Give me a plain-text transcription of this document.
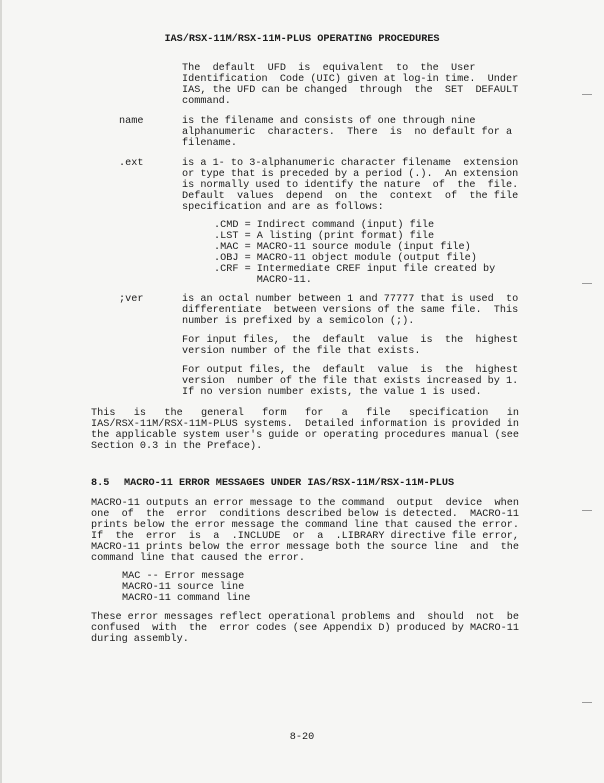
IAS/RSX-11M/RSX-11M-PLUS OPERATING PROCEDURES
The  default  UFD  is  equivalent  to  the  User
Identification  Code (UIC) given at log-in time.  Under
IAS, the UFD can be changed  through  the  SET  DEFAULT
command.
name	is the filename and consists of one through nine
alphanumeric  characters.  There  is  no default for a
filename.
.ext	is a 1- to 3-alphanumeric character filename  extension
or type that is preceded by a period (.).  An extension
is normally used to identify the nature  of  the  file.
Default  values  depend  on  the  context  of  the file
specification and are as follows:
.CMD = Indirect command (input) file
.LST = A listing (print format) file
.MAC = MACRO-11 source module (input file)
.OBJ = MACRO-11 object module (output file)
.CRF = Intermediate CREF input file created by
MACRO-11.
;ver	is an octal number between 1 and 77777 that is used  to
differentiate  between versions of the same file.  This
number is prefixed by a semicolon (;).
For input files,  the  default  value  is  the  highest
version number of the file that exists.
For output files, the  default  value  is  the  highest
version  number of the file that exists increased by 1.
If no version number exists, the value 1 is used.
This   is   the   general   form   for   a   file   specification   in
IAS/RSX-11M/RSX-11M-PLUS systems.  Detailed information is provided in
the applicable system user's guide or operating procedures manual (see
Section 0.3 in the Preface).
8.5 MACRO-11 ERROR MESSAGES UNDER IAS/RSX-11M/RSX-11M-PLUS
MACRO-11 outputs an error message to the command  output  device  when
one  of  the  error  conditions described below is detected.  MACRO-11
prints below the error message the command line that caused the error.
If  the  error  is  a  .INCLUDE  or  a  .LIBRARY directive file error,
MACRO-11 prints below the error message both the source line  and  the
command line that caused the error.
MAC -- Error message
MACRO-11 source line
MACRO-11 command line
These error messages reflect operational problems and  should  not  be
confused  with  the  error codes (see Appendix D) produced by MACRO-11
during assembly.
8-20
